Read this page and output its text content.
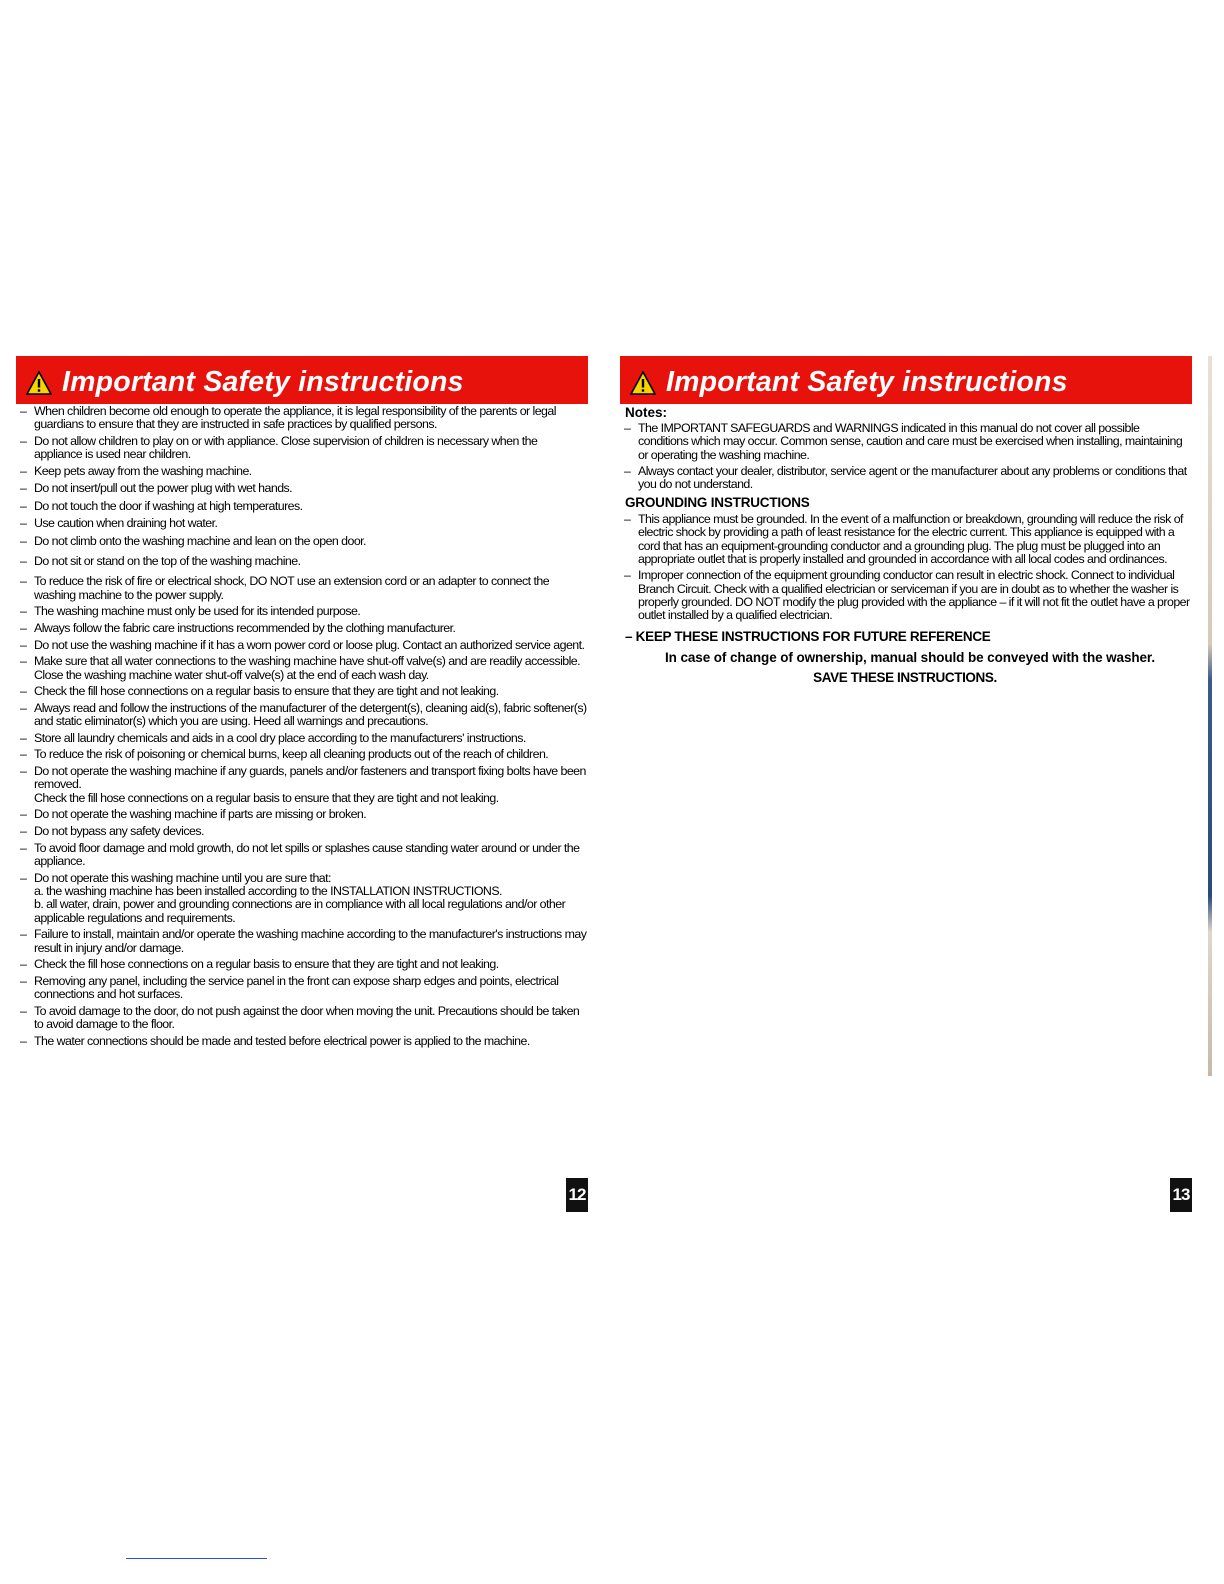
Important Safety instructions
– When children become old enough to operate the appliance, it is legal responsibility of the parents or legal guardians to ensure that they are instructed in safe practices by qualified persons.
– Do not allow children to play on or with appliance. Close supervision of children is necessary when the appliance is used near children.
– Keep pets away from the washing machine.
– Do not insert/pull out the power plug with wet hands.
– Do not touch the door if washing at high temperatures.
– Use caution when draining hot water.
– Do not climb onto the washing machine and lean on the open door.
– Do not sit or stand on the top of the washing machine.
– To reduce the risk of fire or electrical shock, DO NOT use an extension cord or an adapter to connect the washing machine to the power supply.
– The washing machine must only be used for its intended purpose.
– Always follow the fabric care instructions recommended by the clothing manufacturer.
– Do not use the washing machine if it has a worn power cord or loose plug. Contact an authorized service agent.
– Make sure that all water connections to the washing machine have shut-off valve(s) and are readily accessible. Close the washing machine water shut-off valve(s) at the end of each wash day.
– Check the fill hose connections on a regular basis to ensure that they are tight and not leaking.
– Always read and follow the instructions of the manufacturer of the detergent(s), cleaning aid(s), fabric softener(s) and static eliminator(s) which you are using. Heed all warnings and precautions.
– Store all laundry chemicals and aids in a cool dry place according to the manufacturers' instructions.
– To reduce the risk of poisoning or chemical burns, keep all cleaning products out of the reach of children.
– Do not operate the washing machine if any guards, panels and/or fasteners and transport fixing bolts have been removed.
Check the fill hose connections on a regular basis to ensure that they are tight and not leaking.
– Do not operate the washing machine if parts are missing or broken.
– Do not bypass any safety devices.
– To avoid floor damage and mold growth, do not let spills or splashes cause standing water around or under the appliance.
– Do not operate this washing machine until you are sure that:
a. the washing machine has been installed according to the INSTALLATION INSTRUCTIONS.
b. all water, drain, power and grounding connections are in compliance with all local regulations and/or other applicable regulations and requirements.
– Failure to install, maintain and/or operate the washing machine according to the manufacturer's instructions may result in injury and/or damage.
– Check the fill hose connections on a regular basis to ensure that they are tight and not leaking.
– Removing any panel, including the service panel in the front can expose sharp edges and points, electrical connections and hot surfaces.
– To avoid damage to the door, do not push against the door when moving the unit. Precautions should be taken to avoid damage to the floor.
– The water connections should be made and tested before electrical power is applied to the machine.
Important Safety instructions
Notes:
– The IMPORTANT SAFEGUARDS and WARNINGS indicated in this manual do not cover all possible conditions which may occur. Common sense, caution and care must be exercised when installing, maintaining or operating the washing machine.
– Always contact your dealer, distributor, service agent or the manufacturer about any problems or conditions that you do not understand.
GROUNDING INSTRUCTIONS
– This appliance must be grounded. In the event of a malfunction or breakdown, grounding will reduce the risk of electric shock by providing a path of least resistance for the electric current. This appliance is equipped with a cord that has an equipment-grounding conductor and a grounding plug. The plug must be plugged into an appropriate outlet that is properly installed and grounded in accordance with all local codes and ordinances.
– Improper connection of the equipment grounding conductor can result in electric shock. Connect to individual Branch Circuit. Check with a qualified electrician or serviceman if you are in doubt as to whether the washer is properly grounded. DO NOT modify the plug provided with the appliance – if it will not fit the outlet have a proper outlet installed by a qualified electrician.
– KEEP THESE INSTRUCTIONS FOR FUTURE REFERENCE
In case of change of ownership, manual should be conveyed with the washer.
SAVE THESE INSTRUCTIONS.
12	13
